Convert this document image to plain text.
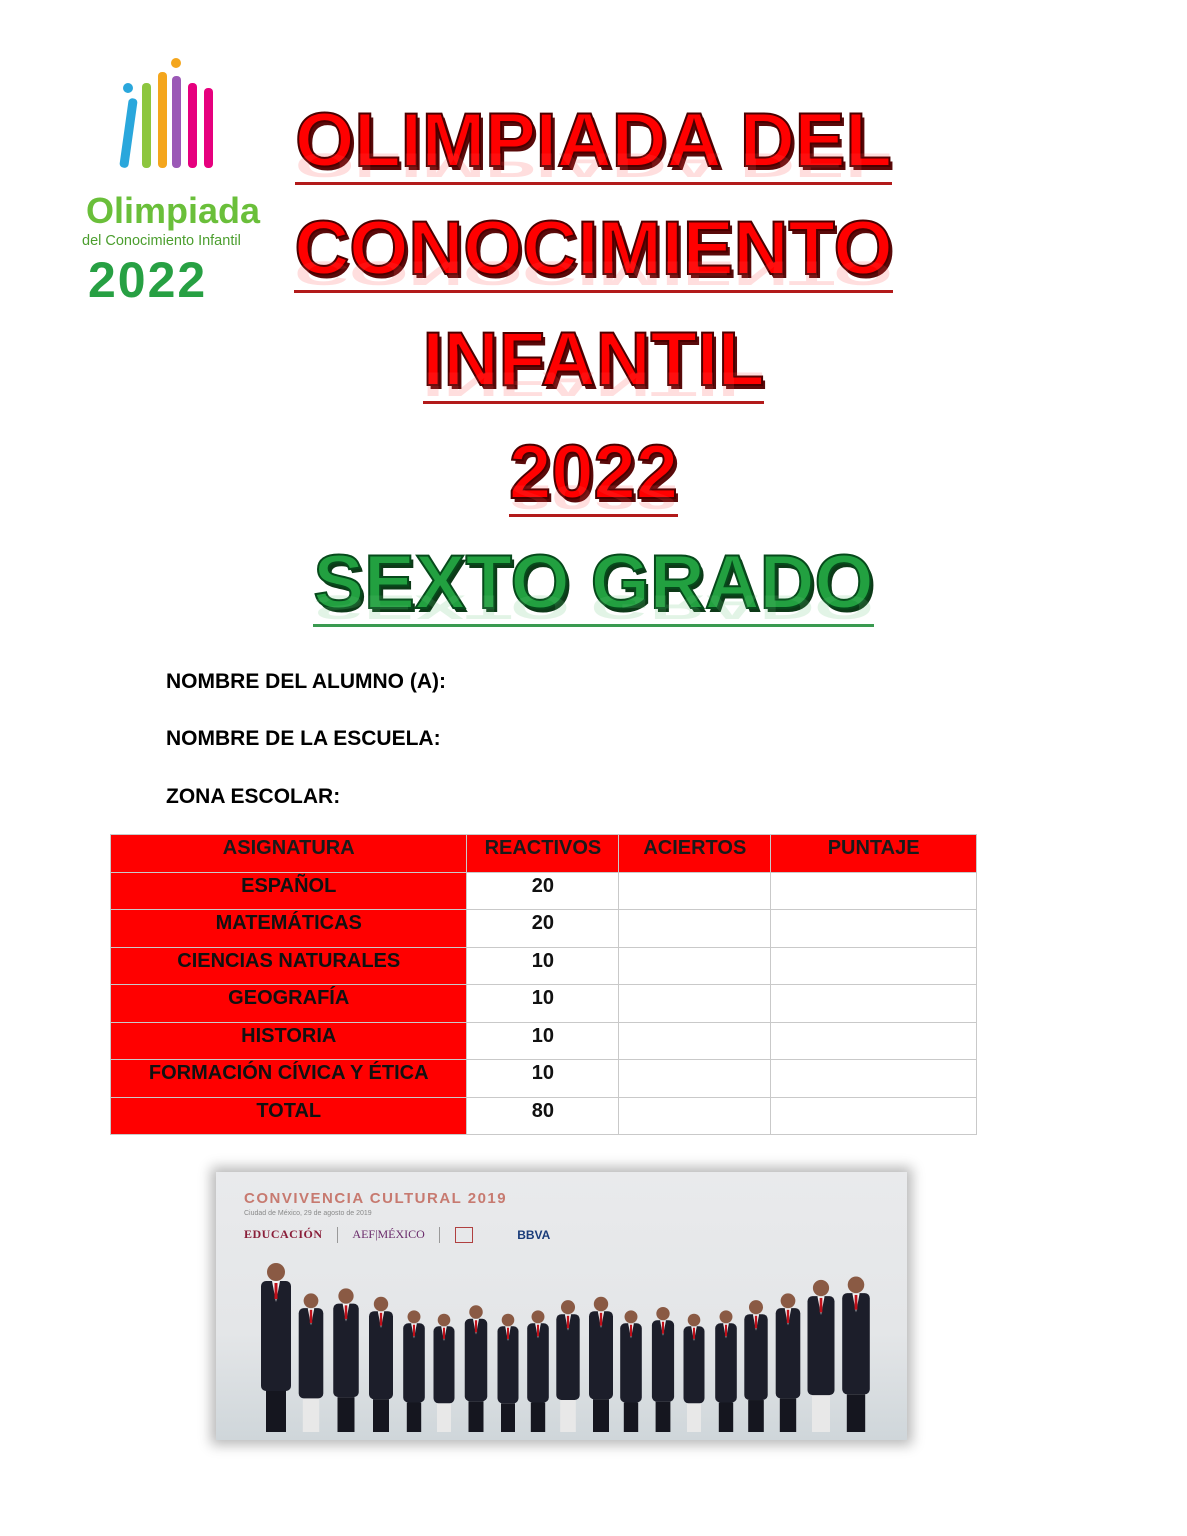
Olimpiada
del Conocimiento Infantil
2022
OLIMPIADA DEL OLIMPIADA DEL
CONOCIMIENTO CONOCIMIENTO
INFANTIL INFANTIL
2022 2022
SEXTO GRADO SEXTO GRADO
NOMBRE DEL ALUMNO (A):
NOMBRE DE LA ESCUELA:
ZONA ESCOLAR:
ASIGNATURA	REACTIVOS	ACIERTOS	PUNTAJE
ESPAÑOL	20		
MATEMÁTICAS	20		
CIENCIAS NATURALES	10		
GEOGRAFÍA	10		
HISTORIA	10		
FORMACIÓN CÍVICA Y ÉTICA	10		
TOTAL	80		
CONVIVENCIA CULTURAL 2019
Ciudad de México, 29 de agosto de 2019
EDUCACIÓN AEF|MÉXICO	BBVA
